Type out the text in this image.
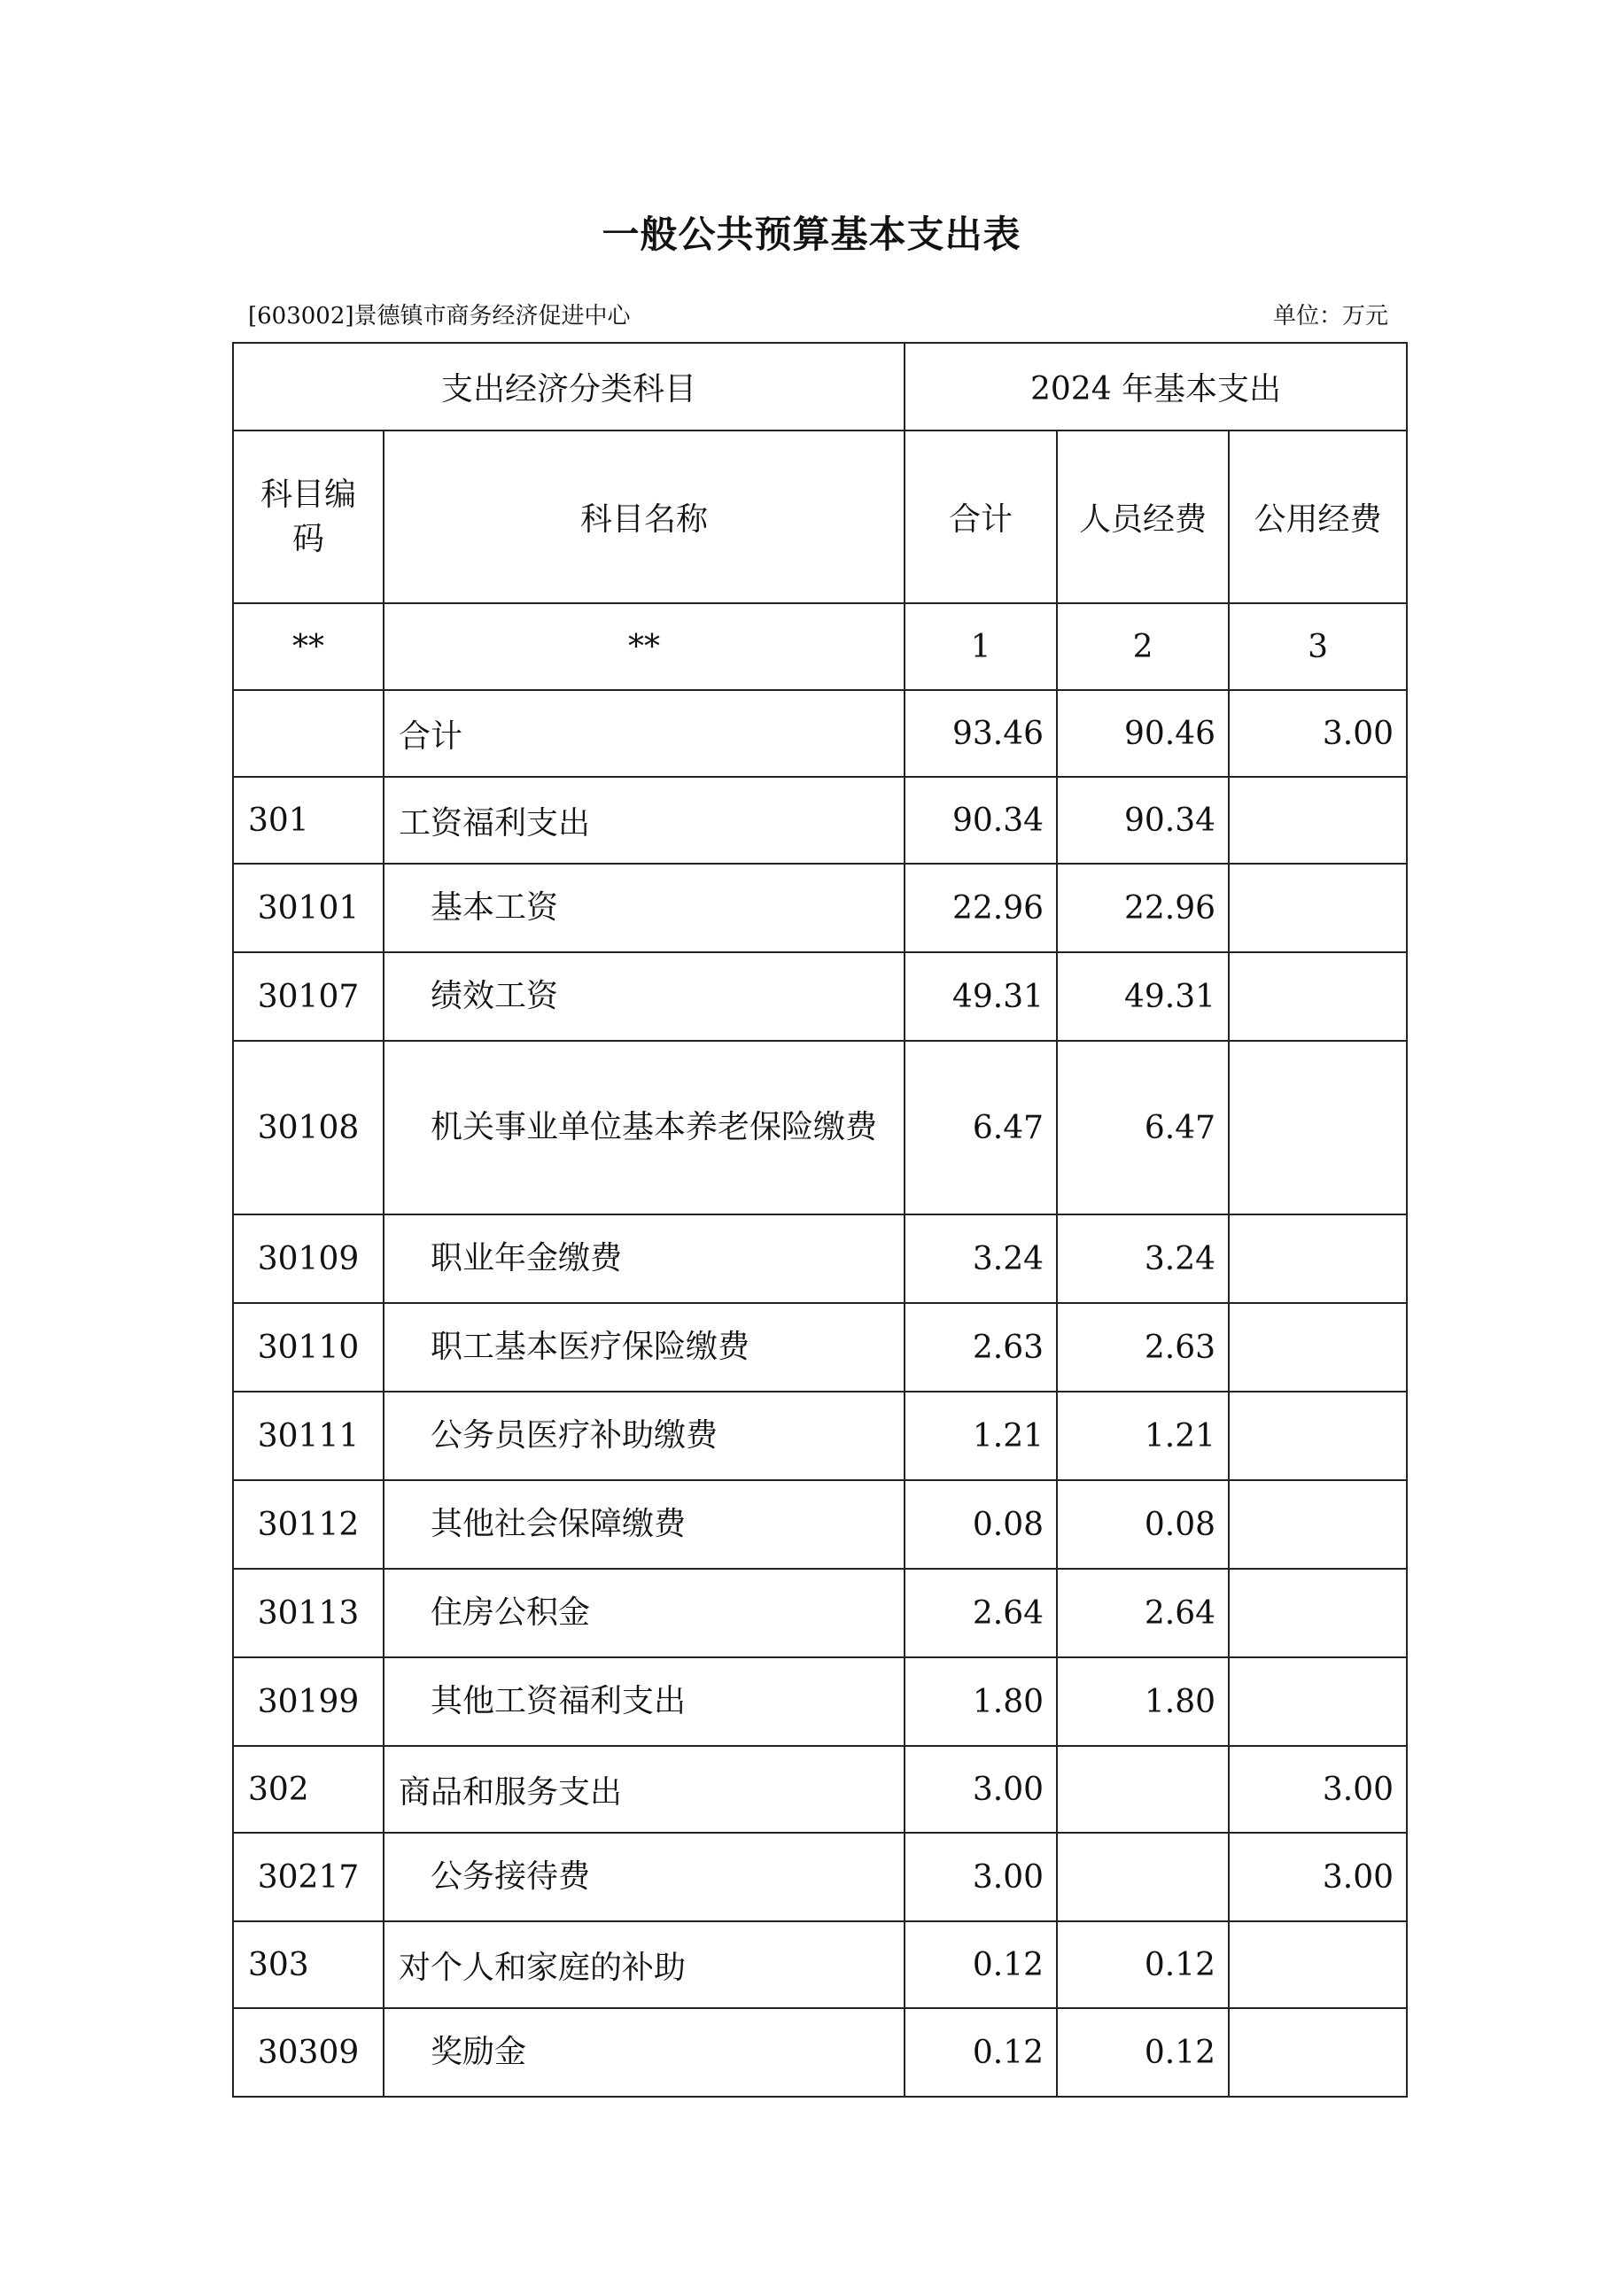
一般公共预算基本支出表
[603002]景德镇市商务经济促进中心	单位：万元
支出经济分类科目		2024 年基本支出		
科目编码	科目名称	合计	人员经费	公用经费
**	**	1	2	3
	合计	93.46	90.46	3.00
301	工资福利支出	90.34	90.34	
30101	基本工资	22.96	22.96	
30107	绩效工资	49.31	49.31	
30108	机关事业单位基本养老保险缴费	6.47	6.47	
30109	职业年金缴费	3.24	3.24	
30110	职工基本医疗保险缴费	2.63	2.63	
30111	公务员医疗补助缴费	1.21	1.21	
30112	其他社会保障缴费	0.08	0.08	
30113	住房公积金	2.64	2.64	
30199	其他工资福利支出	1.80	1.80	
302	商品和服务支出	3.00		3.00
30217	公务接待费	3.00		3.00
303	对个人和家庭的补助	0.12	0.12	
30309	奖励金	0.12	0.12	
